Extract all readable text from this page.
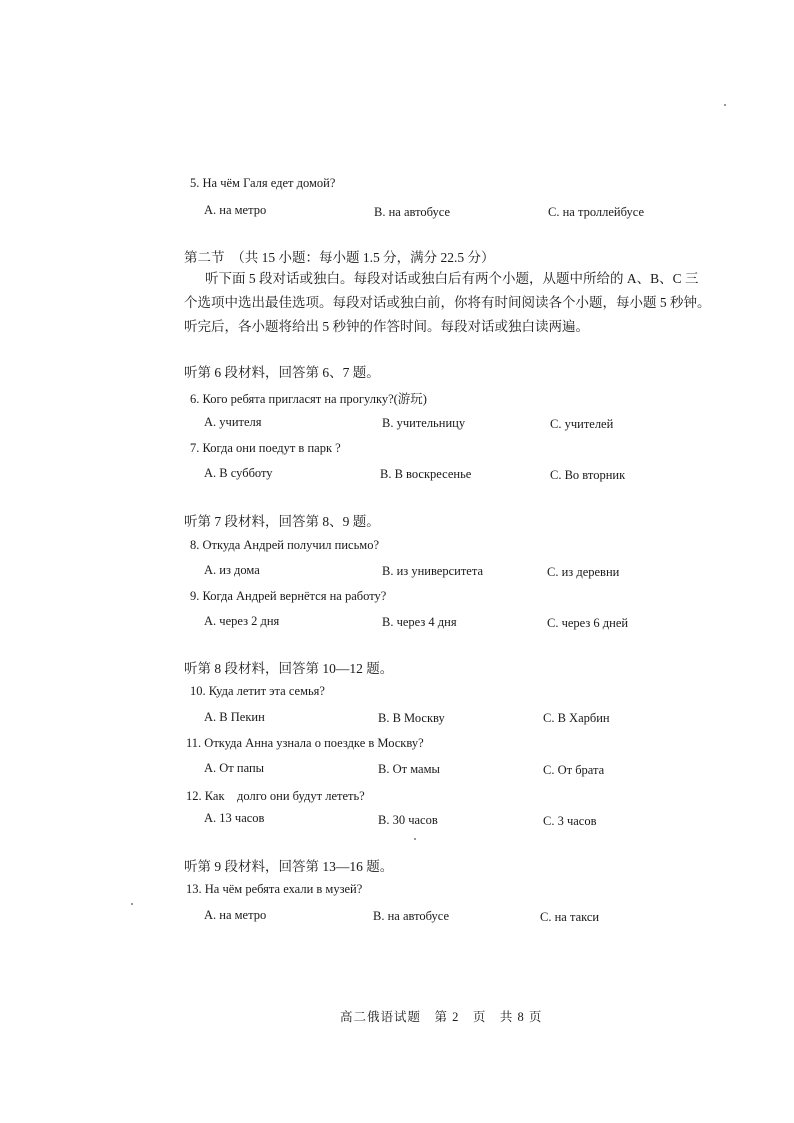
5. На чём Галя едет домой?
A. на метро	B. на автобусе	C. на троллейбусе
第二节　（共 15 小题：每小题 1.5 分，满分 22.5 分）
听下面 5 段对话或独白。每段对话或独白后有两个小题，从题中所给的 A、B、C 三
个选项中选出最佳选项。每段对话或独白前，你将有时间阅读各个小题，每小题 5 秒钟。
听完后，各小题将给出 5 秒钟的作答时间。每段对话或独白读两遍。
听第 6 段材料，回答第 6、7 题。
6. Кого ребята пригласят на прогулку?(游玩)
A. учителя	B. учительницу	C. учителей
7. Когда они поедут в парк ?
A. В субботу	B. В воскресенье	C. Во вторник
听第 7 段材料，回答第 8、9 题。
8. Откуда Андрей получил письмо?
A. из дома	B. из университета	C. из деревни
9. Когда Андрей вернётся на работу?
A. через 2 дня	B. через 4 дня	C. через 6 дней
听第 8 段材料，回答第 10—12 题。
10. Куда летит эта семья?
A. В Пекин	B. В Москву	C. В Харбин
11. Откуда Анна узнала о поездке в Москву?
A. От папы	B. От мамы	C. От брата
12. Как　долго они будут лететь?
A. 13 часов	B. 30 часов	C. 3 часов
听第 9 段材料，回答第 13—16 题。
13. На чём ребята ехали в музей?
A. на метро	B. на автобусе	C. на такси
高二俄语试题　第 2　页　共 8 页
